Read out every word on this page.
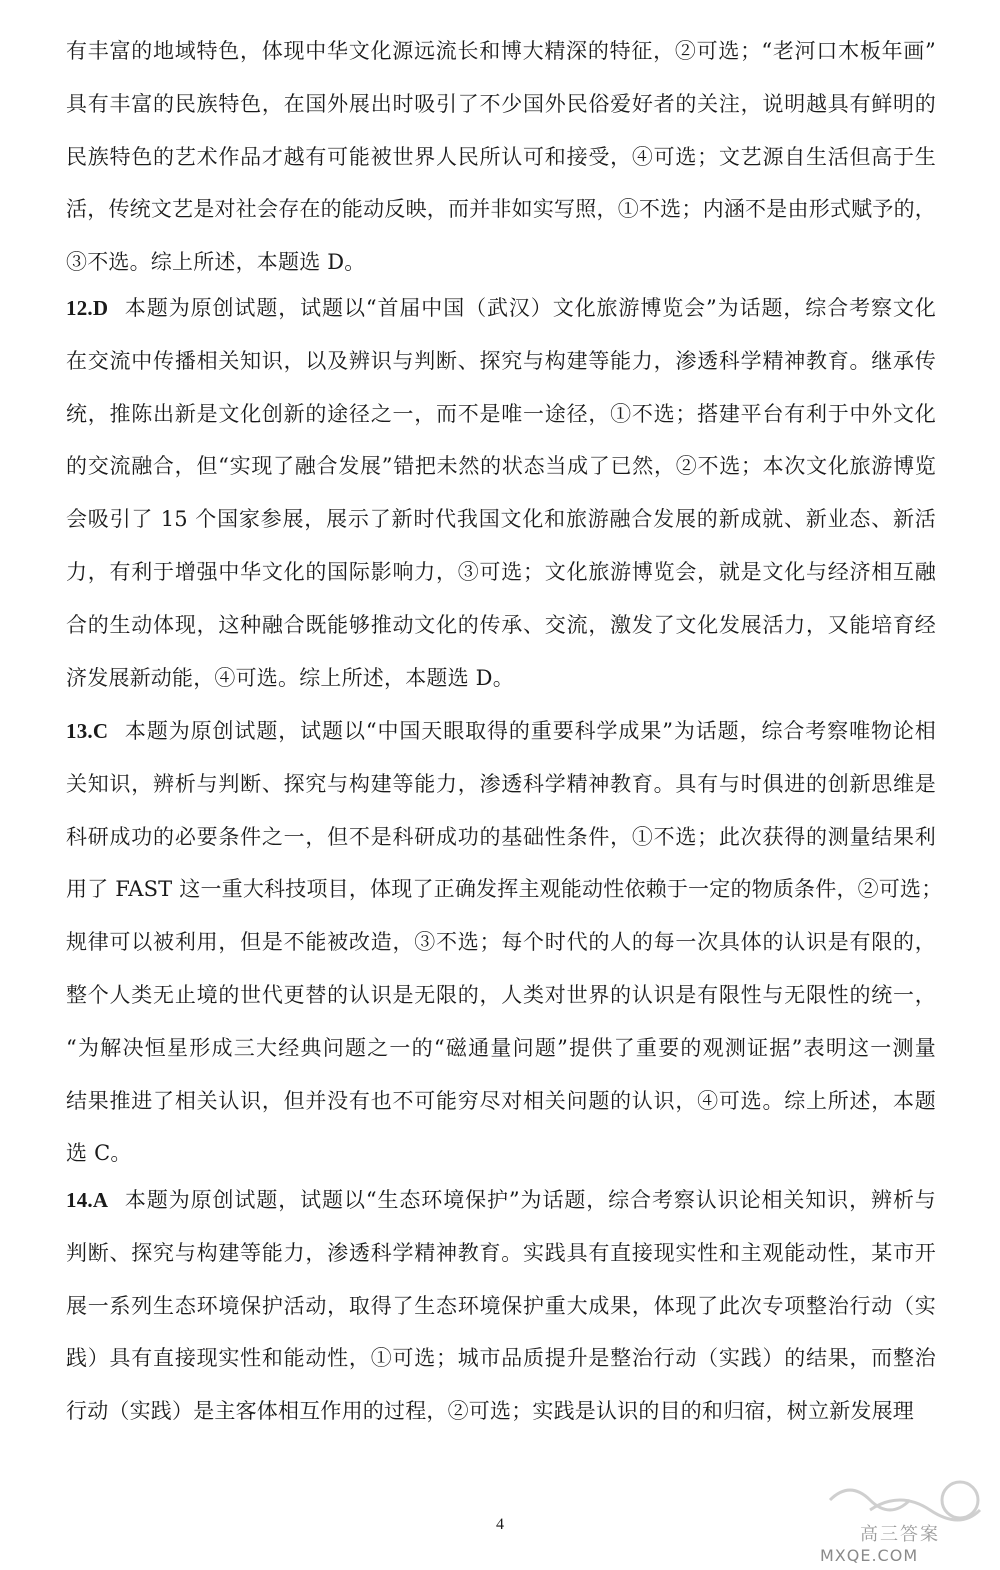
有丰富的地域特色，体现中华文化源远流长和博大精深的特征，②可选；“老河口木板年画”
具有丰富的民族特色，在国外展出时吸引了不少国外民俗爱好者的关注，说明越具有鲜明的
民族特色的艺术作品才越有可能被世界人民所认可和接受，④可选；文艺源自生活但高于生
活，传统文艺是对社会存在的能动反映，而并非如实写照，①不选；内涵不是由形式赋予的，
③不选。综上所述，本题选 D。
12.D 本题为原创试题，试题以“首届中国（武汉）文化旅游博览会”为话题，综合考察文化
在交流中传播相关知识，以及辨识与判断、探究与构建等能力，渗透科学精神教育。继承传
统，推陈出新是文化创新的途径之一，而不是唯一途径，①不选；搭建平台有利于中外文化
的交流融合，但“实现了融合发展”错把未然的状态当成了已然，②不选；本次文化旅游博览
会吸引了 15 个国家参展，展示了新时代我国文化和旅游融合发展的新成就、新业态、新活
力，有利于增强中华文化的国际影响力，③可选；文化旅游博览会，就是文化与经济相互融
合的生动体现，这种融合既能够推动文化的传承、交流，激发了文化发展活力，又能培育经
济发展新动能，④可选。综上所述，本题选 D。
13.C 本题为原创试题，试题以“中国天眼取得的重要科学成果”为话题，综合考察唯物论相
关知识，辨析与判断、探究与构建等能力，渗透科学精神教育。具有与时俱进的创新思维是
科研成功的必要条件之一，但不是科研成功的基础性条件，①不选；此次获得的测量结果利
用了 FAST 这一重大科技项目，体现了正确发挥主观能动性依赖于一定的物质条件，②可选；
规律可以被利用，但是不能被改造，③不选；每个时代的人的每一次具体的认识是有限的，
整个人类无止境的世代更替的认识是无限的，人类对世界的认识是有限性与无限性的统一，
“为解决恒星形成三大经典问题之一的“磁通量问题”提供了重要的观测证据”表明这一测量
结果推进了相关认识，但并没有也不可能穷尽对相关问题的认识，④可选。综上所述，本题
选 C。
14.A 本题为原创试题，试题以“生态环境保护”为话题，综合考察认识论相关知识，辨析与
判断、探究与构建等能力，渗透科学精神教育。实践具有直接现实性和主观能动性，某市开
展一系列生态环境保护活动，取得了生态环境保护重大成果，体现了此次专项整治行动（实
践）具有直接现实性和能动性，①可选；城市品质提升是整治行动（实践）的结果，而整治
行动（实践）是主客体相互作用的过程，②可选；实践是认识的目的和归宿，树立新发展理
4	高三答案
MXQE.COM
